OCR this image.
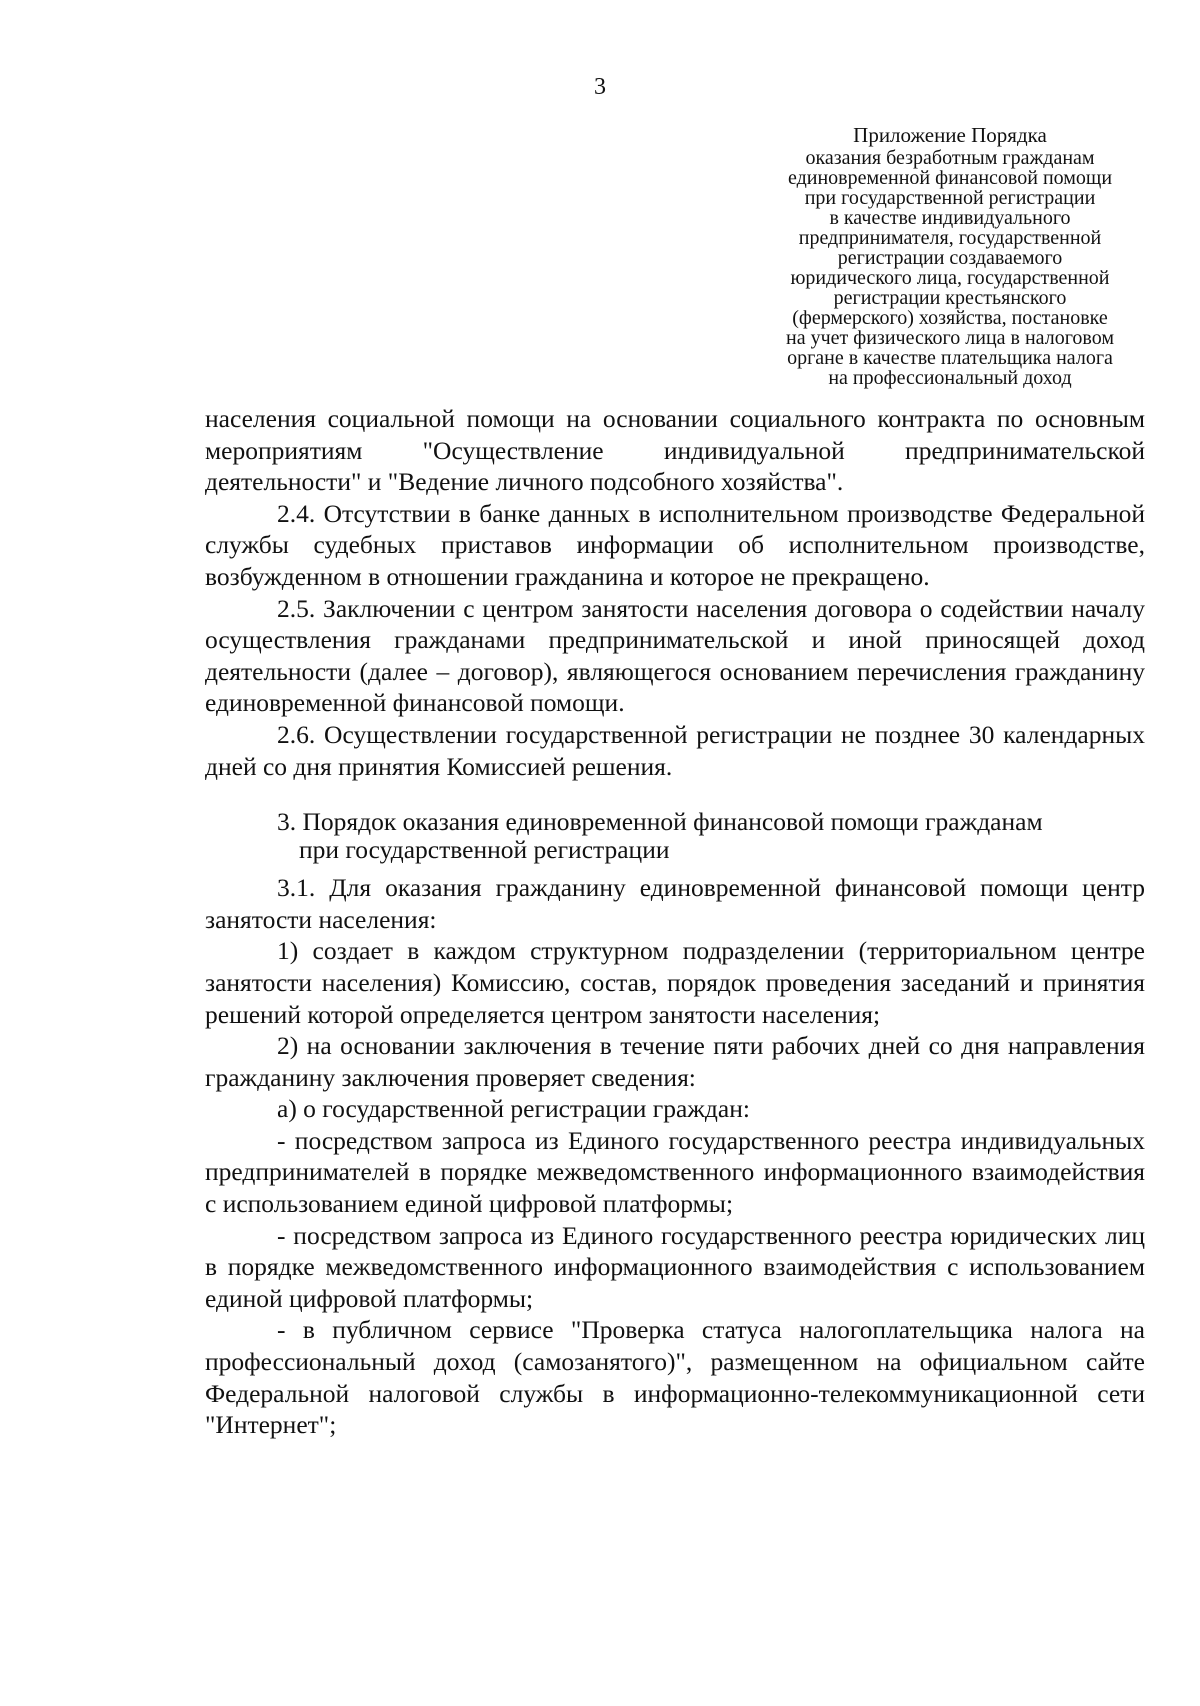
3
Приложение Порядка
оказания безработным гражданам
единовременной финансовой помощи
при государственной регистрации
в качестве индивидуального
предпринимателя, государственной
регистрации создаваемого
юридического лица, государственной
регистрации крестьянского
(фермерского) хозяйства, постановке
на учет физического лица в налоговом
органе в качестве плательщика налога
на профессиональный доход

населения социальной помощи на основании социального контракта по основным мероприятиям "Осуществление индивидуальной предпринимательской деятельности" и "Ведение личного подсобного хозяйства".

2.4. Отсутствии в банке данных в исполнительном производстве Федеральной службы судебных приставов информации об исполнительном производстве, возбужденном в отношении гражданина и которое не прекращено.

2.5. Заключении с центром занятости населения договора о содействии началу осуществления гражданами предпринимательской и иной приносящей доход деятельности (далее – договор), являющегося основанием перечисления гражданину единовременной финансовой помощи.

2.6. Осуществлении государственной регистрации не позднее 30 календарных дней со дня принятия Комиссией решения.

3. Порядок оказания единовременной финансовой помощи гражданам
при государственной регистрации

3.1. Для оказания гражданину единовременной финансовой помощи центр занятости населения:

1) создает в каждом структурном подразделении (территориальном центре занятости населения) Комиссию, состав, порядок проведения заседаний и принятия решений которой определяется центром занятости населения;

2) на основании заключения в течение пяти рабочих дней со дня направления гражданину заключения проверяет сведения:

а) о государственной регистрации граждан:

- посредством запроса из Единого государственного реестра индивидуальных предпринимателей в порядке межведомственного информационного взаимодействия с использованием единой цифровой платформы;

- посредством запроса из Единого государственного реестра юридических лиц в порядке межведомственного информационного взаимодействия с использованием единой цифровой платформы;

- в публичном сервисе "Проверка статуса налогоплательщика налога на профессиональный доход (самозанятого)", размещенном на официальном сайте Федеральной налоговой службы в информационно-телекоммуникационной сети "Интернет";
